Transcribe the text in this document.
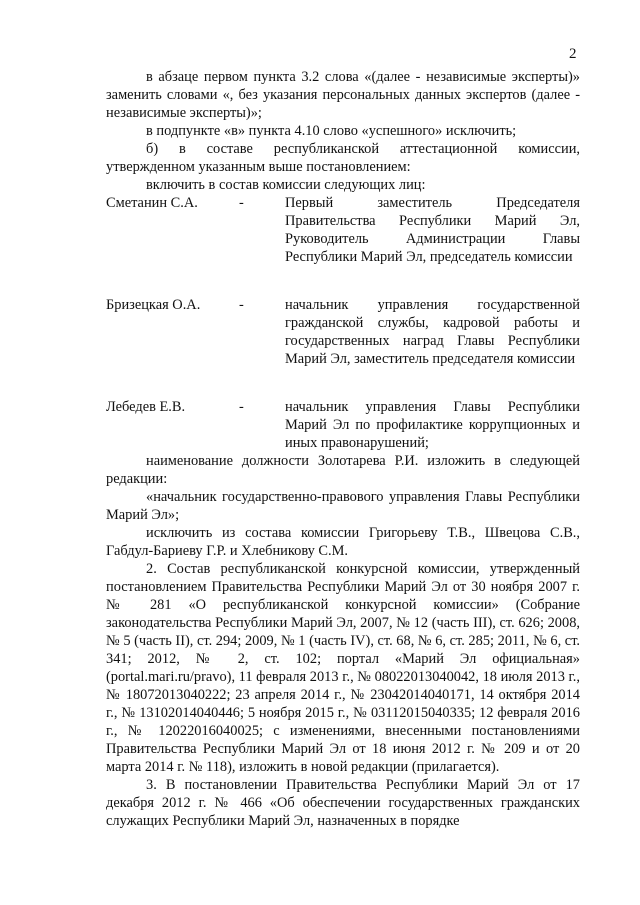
2

в абзаце первом пункта 3.2 слова «(далее - независимые эксперты)» заменить словами «, без указания персональных данных экспертов (далее - независимые эксперты)»;

в подпункте «в» пункта 4.10 слово «успешного» исключить;

б) в составе республиканской аттестационной комиссии, утвержденном указанным выше постановлением:

включить в состав комиссии следующих лиц:

Сметанин С.А.	-	Первый заместитель Председателя Правительства Республики Марий Эл, Руководитель Администрации Главы Республики Марий Эл, председатель комиссии
Бризецкая О.А.	-	начальник управления государственной гражданской службы, кадровой работы и государственных наград Главы Республики Марий Эл, заместитель председателя комиссии
Лебедев Е.В.	-	начальник управления Главы Республики Марий Эл по профилактике коррупционных и иных правонарушений;

наименование должности Золотарева Р.И. изложить в следующей редакции:

«начальник государственно-правового управления Главы Республики Марий Эл»;

исключить из состава комиссии Григорьеву Т.В., Швецова С.В., Габдул-Бариеву Г.Р. и Хлебникову С.М.

2. Состав республиканской конкурсной комиссии, утвержденный постановлением Правительства Республики Марий Эл от 30 ноября 2007 г. № 281 «О республиканской конкурсной комиссии» (Собрание законодательства Республики Марий Эл, 2007, № 12 (часть III), ст. 626; 2008, № 5 (часть II), ст. 294; 2009, № 1 (часть IV), ст. 68, № 6, ст. 285; 2011, № 6, ст. 341; 2012, № 2, ст. 102; портал «Марий Эл официальная» (portal.mari.ru/pravo), 11 февраля 2013 г., № 08022013040042, 18 июля 2013 г., № 18072013040222; 23 апреля 2014 г., № 23042014040171, 14 октября 2014 г., № 13102014040446; 5 ноября 2015 г., № 03112015040335; 12 февраля 2016 г., № 12022016040025; с изменениями, внесенными постановлениями Правительства Республики Марий Эл от 18 июня 2012 г. № 209 и от 20 марта 2014 г. № 118), изложить в новой редакции (прилагается).

3. В постановлении Правительства Республики Марий Эл от 17 декабря 2012 г. № 466 «Об обеспечении государственных гражданских служащих Республики Марий Эл, назначенных в порядке
